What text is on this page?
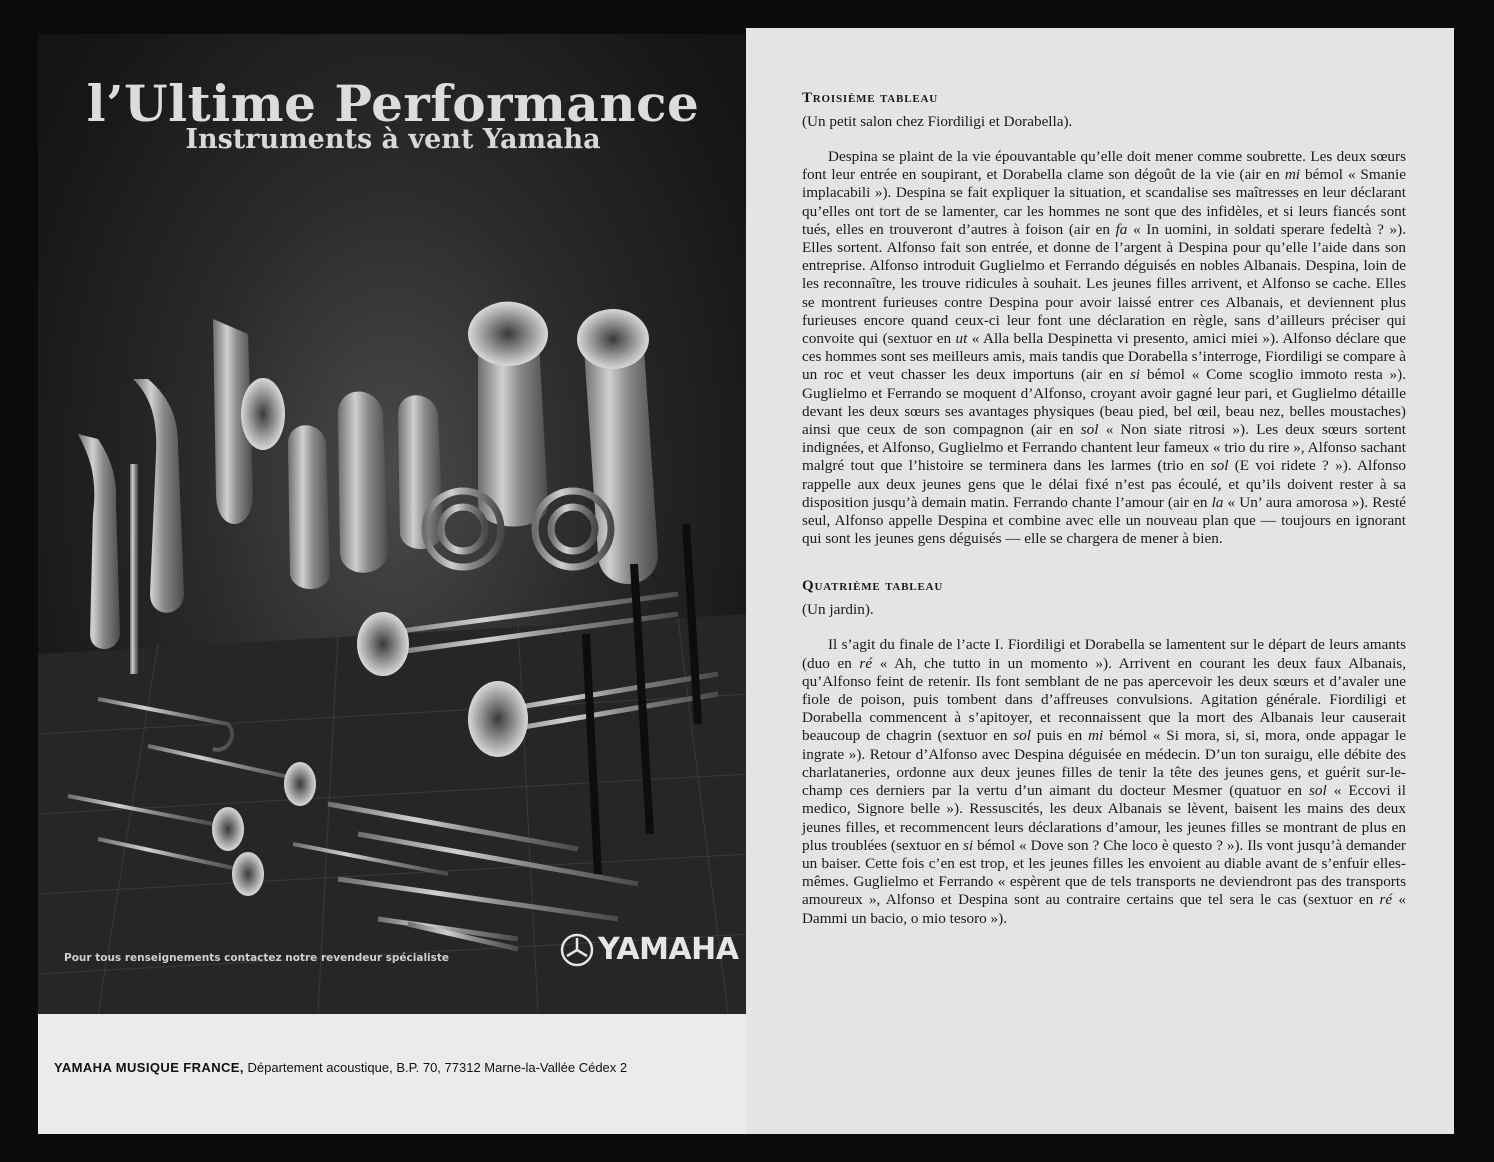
l’Ultime Performance
Instruments à vent Yamaha
Pour tous renseignements contactez notre revendeur spécialiste	YAMAHA
YAMAHA MUSIQUE FRANCE, Département acoustique, B.P. 70, 77312 Marne-la-Vallée Cédex 2
Troisième tableau

(Un petit salon chez Fiordiligi et Dorabella).

Despina se plaint de la vie épouvantable qu’elle doit mener comme soubrette. Les deux sœurs font leur entrée en soupirant, et Dorabella clame son dégoût de la vie (air en mi bémol « Smanie implacabili »). Despina se fait expliquer la situation, et scandalise ses maîtresses en leur déclarant qu’elles ont tort de se lamenter, car les hommes ne sont que des infidèles, et si leurs fiancés sont tués, elles en trouveront d’autres à foison (air en fa « In uomini, in soldati sperare fedeltà ? »). Elles sortent. Alfonso fait son entrée, et donne de l’argent à Despina pour qu’elle l’aide dans son entreprise. Alfonso introduit Guglielmo et Ferrando déguisés en nobles Albanais. Despina, loin de les reconnaître, les trouve ridicules à souhait. Les jeunes filles arrivent, et Alfonso se cache. Elles se montrent furieuses contre Despina pour avoir laissé entrer ces Albanais, et deviennent plus furieuses encore quand ceux-ci leur font une déclaration en règle, sans d’ailleurs préciser qui convoite qui (sextuor en ut « Alla bella Despinetta vi presento, amici miei »). Alfonso déclare que ces hommes sont ses meilleurs amis, mais tandis que Dorabella s’interroge, Fiordiligi se compare à un roc et veut chasser les deux importuns (air en si bémol « Come scoglio immoto resta »). Guglielmo et Ferrando se moquent d’Alfonso, croyant avoir gagné leur pari, et Guglielmo détaille devant les deux sœurs ses avantages physiques (beau pied, bel œil, beau nez, belles moustaches) ainsi que ceux de son compagnon (air en sol « Non siate ritrosi »). Les deux sœurs sortent indignées, et Alfonso, Guglielmo et Ferrando chantent leur fameux « trio du rire », Alfonso sachant malgré tout que l’histoire se terminera dans les larmes (trio en sol (E voi ridete ? »). Alfonso rappelle aux deux jeunes gens que le délai fixé n’est pas écoulé, et qu’ils doivent rester à sa disposition jusqu’à demain matin. Ferrando chante l’amour (air en la « Un’ aura amorosa »). Resté seul, Alfonso appelle Despina et combine avec elle un nouveau plan que — toujours en ignorant qui sont les jeunes gens déguisés — elle se chargera de mener à bien.

Quatrième tableau

(Un jardin).

Il s’agit du finale de l’acte I. Fiordiligi et Dorabella se lamentent sur le départ de leurs amants (duo en ré « Ah, che tutto in un momento »). Arrivent en courant les deux faux Albanais, qu’Alfonso feint de retenir. Ils font semblant de ne pas apercevoir les deux sœurs et d’avaler une fiole de poison, puis tombent dans d’affreuses convulsions. Agitation générale. Fiordiligi et Dorabella commencent à s’apitoyer, et reconnaissent que la mort des Albanais leur causerait beaucoup de chagrin (sextuor en sol puis en mi bémol « Si mora, si, si, mora, onde appagar le ingrate »). Retour d’Alfonso avec Despina déguisée en médecin. D’un ton suraigu, elle débite des charlataneries, ordonne aux deux jeunes filles de tenir la tête des jeunes gens, et guérit sur-le-champ ces derniers par la vertu d’un aimant du docteur Mesmer (quatuor en sol « Eccovi il medico, Signore belle »). Ressuscités, les deux Albanais se lèvent, baisent les mains des deux jeunes filles, et recommencent leurs déclarations d’amour, les jeunes filles se montrant de plus en plus troublées (sextuor en si bémol « Dove son ? Che loco è questo ? »). Ils vont jusqu’à demander un baiser. Cette fois c’en est trop, et les jeunes filles les envoient au diable avant de s’enfuir elles-mêmes. Guglielmo et Ferrando « espèrent que de tels transports ne deviendront pas des transports amoureux », Alfonso et Despina sont au contraire certains que tel sera le cas (sextuor en ré « Dammi un bacio, o mio tesoro »).
